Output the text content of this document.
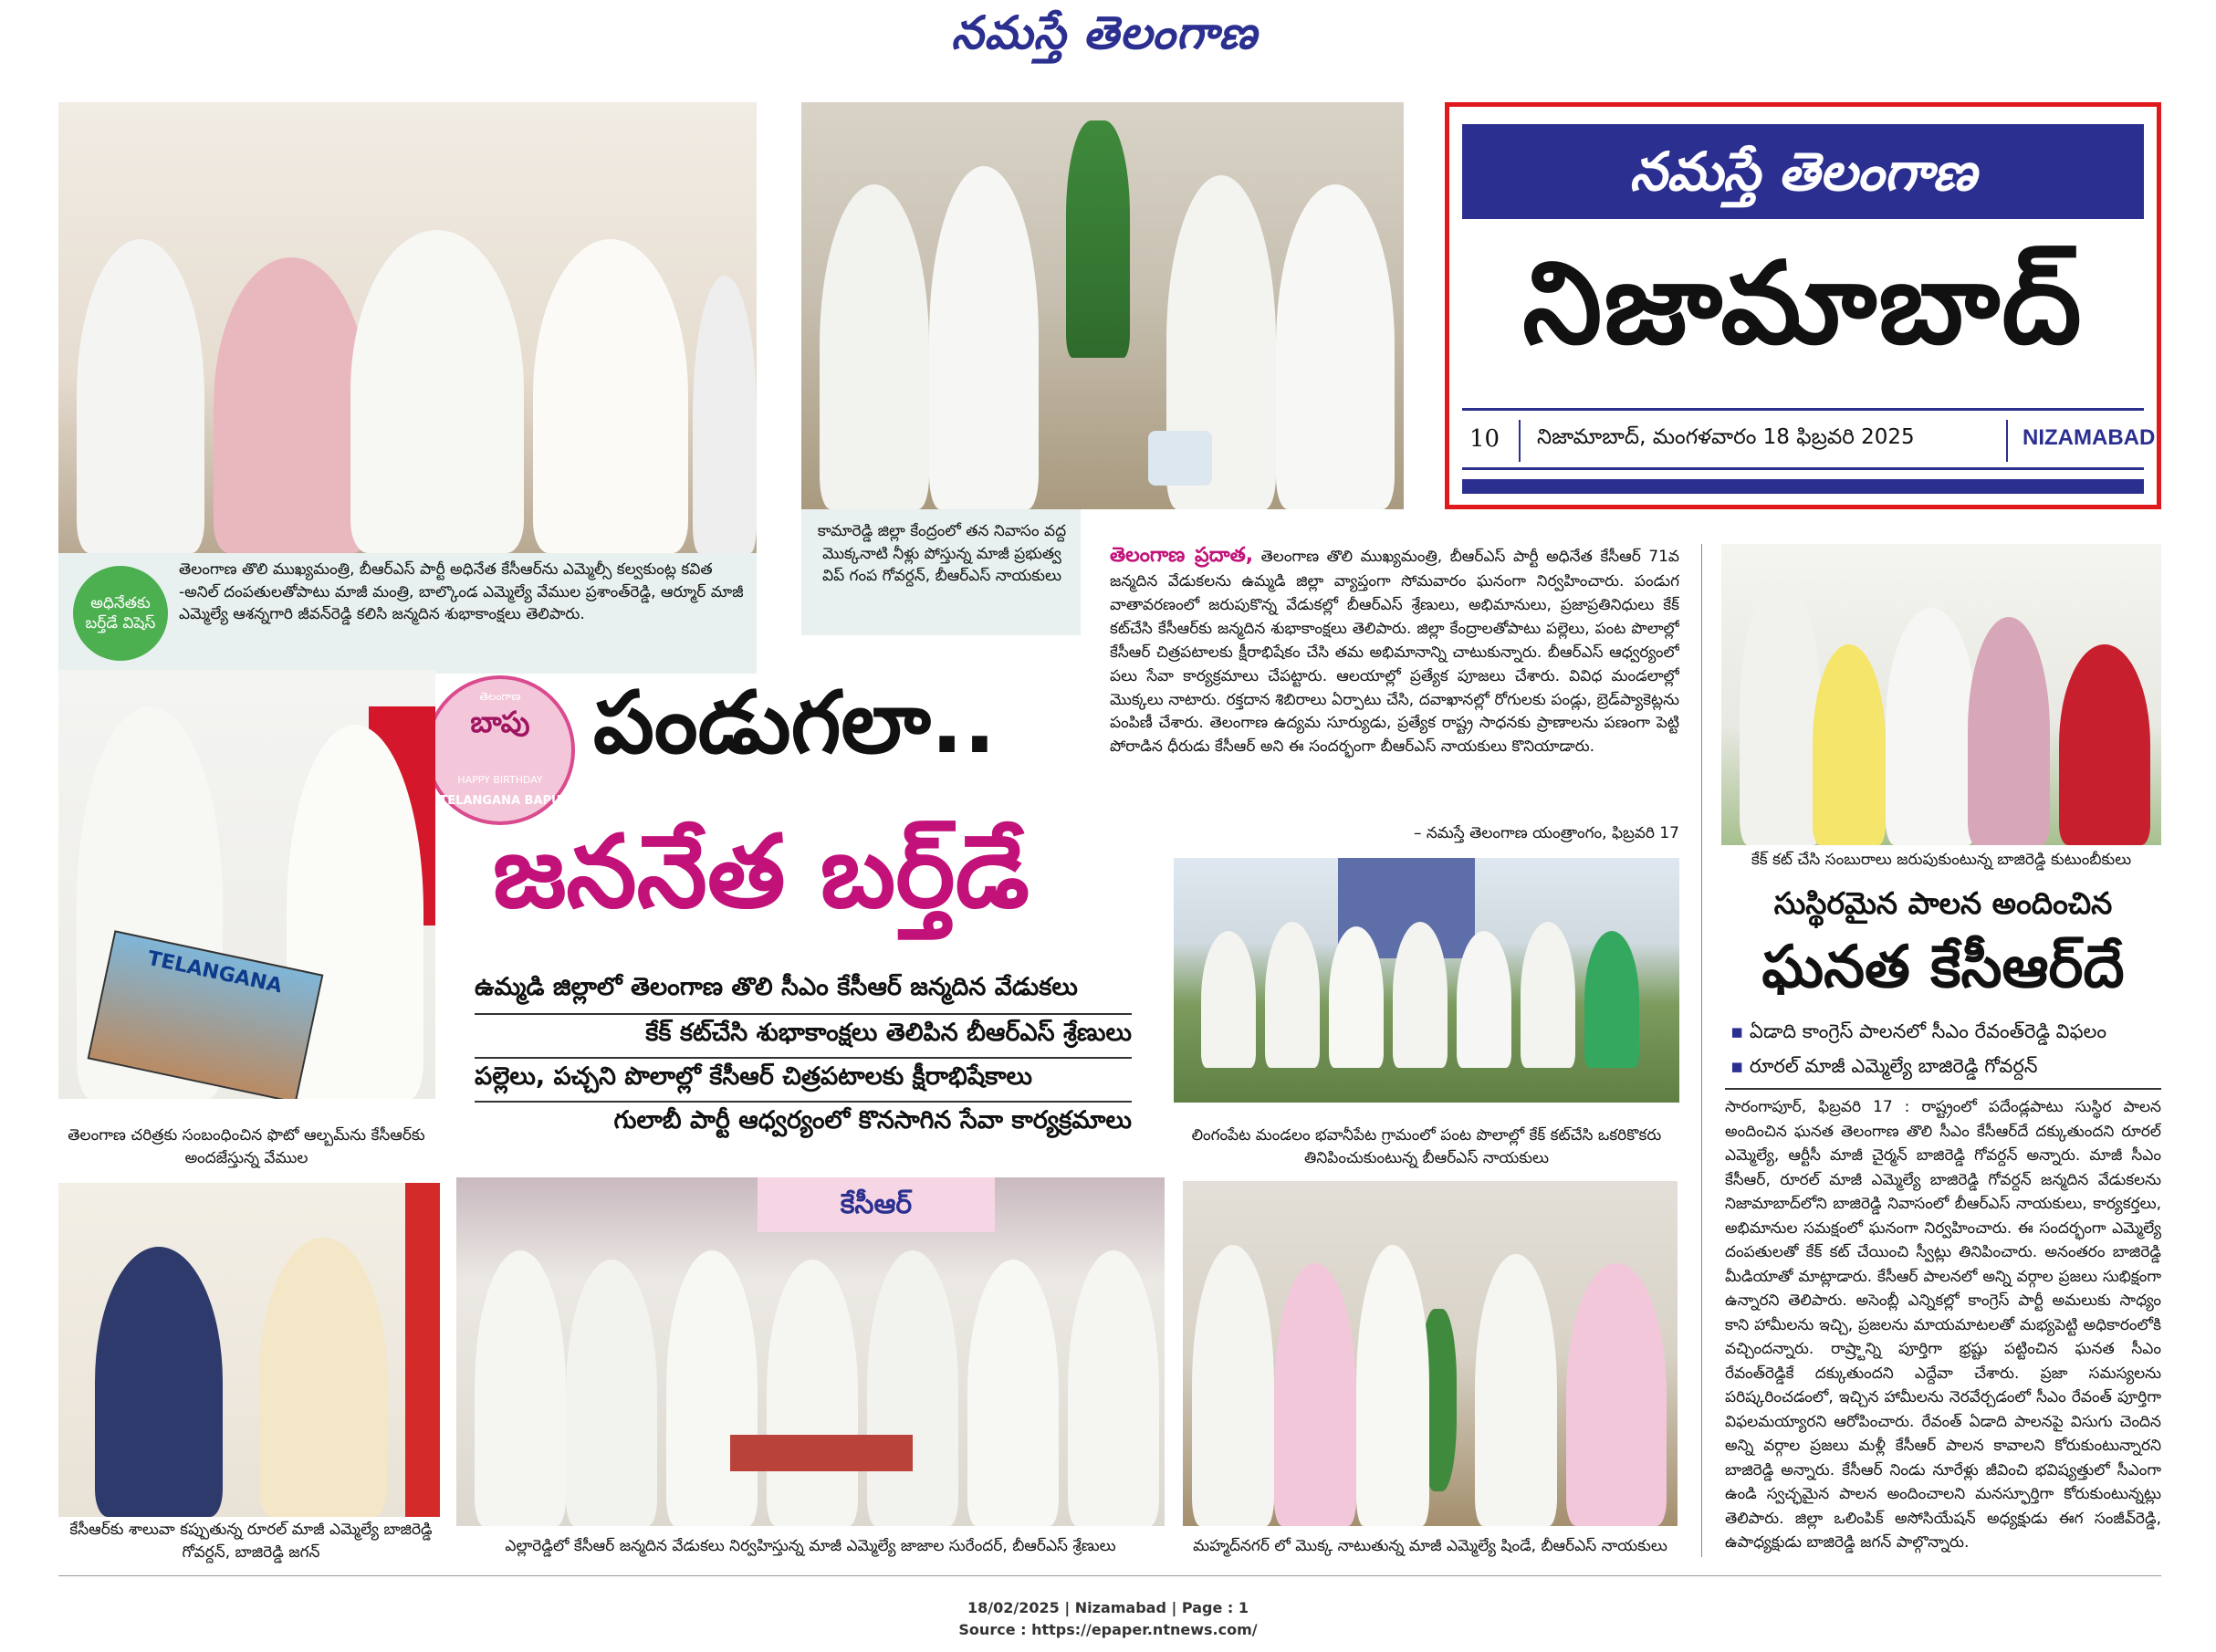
నమస్తే తెలంగాణ
నమస్తే తెలంగాణ
నిజామాబాద్
10 నిజామాబాద్, మంగళవారం 18 ఫిబ్రవరి 2025	NIZAMABAD
అధినేతకు బర్త్‌డే విషెస్
తెలంగాణ తొలి ముఖ్యమంత్రి, బీఆర్‌ఎస్ పార్టీ అధినేత కేసీఆర్‌ను ఎమ్మెల్సీ కల్వకుంట్ల కవిత -అనిల్ దంపతులతోపాటు మాజీ మంత్రి, బాల్కొండ ఎమ్మెల్యే వేముల ప్రశాంత్‌రెడ్డి, ఆర్మూర్ మాజీ ఎమ్మెల్యే ఆశన్నగారి జీవన్‌రెడ్డి కలిసి జన్మదిన శుభాకాంక్షలు తెలిపారు.
కామారెడ్డి జిల్లా కేంద్రంలో తన నివాసం వద్ద మొక్కనాటి నీళ్లు పోస్తున్న మాజీ ప్రభుత్వ విప్ గంప గోవర్దన్, బీఆర్‌ఎస్ నాయకులు
తెలంగాణ ప్రదాత, తెలంగాణ తొలి ముఖ్యమంత్రి, బీఆర్‌ఎస్ పార్టీ అధినేత కేసీఆర్ 71వ జన్మదిన వేడుకలను ఉమ్మడి జిల్లా వ్యాప్తంగా సోమవారం ఘనంగా నిర్వహించారు. పండుగ వాతావరణంలో జరుపుకొన్న వేడుకల్లో బీఆర్‌ఎస్ శ్రేణులు, అభిమానులు, ప్రజాప్రతినిధులు కేక్ కట్‌చేసి కేసీఆర్‌కు జన్మదిన శుభాకాంక్షలు తెలిపారు. జిల్లా కేంద్రాలతోపాటు పల్లెలు, పంట పొలాల్లో కేసీఆర్ చిత్రపటాలకు క్షీరాభిషేకం చేసి తమ అభిమానాన్ని చాటుకున్నారు. బీఆర్‌ఎస్ ఆధ్వర్యంలో పలు సేవా కార్యక్రమాలు చేపట్టారు. ఆలయాల్లో ప్రత్యేక పూజలు చేశారు. వివిధ మండలాల్లో మొక్కలు నాటారు. రక్తదాన శిబిరాలు ఏర్పాటు చేసి, దవాఖానల్లో రోగులకు పండ్లు, బ్రెడ్‌ప్యాకెట్లను పంపిణీ చేశారు. తెలంగాణ ఉద్యమ సూర్యుడు, ప్రత్యేక రాష్ట్ర సాధనకు ప్రాణాలను పణంగా పెట్టి పోరాడిన ధీరుడు కేసీఆర్ అని ఈ సందర్భంగా బీఆర్‌ఎస్ నాయకులు కొనియాడారు.
– నమస్తే తెలంగాణ యంత్రాంగం, ఫిబ్రవరి 17
కేక్ కట్ చేసి సంబురాలు జరుపుకుంటున్న బాజిరెడ్డి కుటుంబీకులు
తెలంగాణ
బాపు
HAPPY BIRTHDAY
TELANGANA BAPU
పండుగలా..
జననేత బర్త్‌డే
TELANGANA
తెలంగాణ చరిత్రకు సంబంధించిన ఫొటో ఆల్బమ్‌ను కేసీఆర్‌కు అందజేస్తున్న వేముల
ఉమ్మడి జిల్లాలో తెలంగాణ తొలి సీఎం కేసీఆర్ జన్మదిన వేడుకలు
కేక్ కట్‌చేసి శుభాకాంక్షలు తెలిపిన బీఆర్‌ఎస్ శ్రేణులు
పల్లెలు, పచ్చని పొలాల్లో కేసీఆర్ చిత్రపటాలకు క్షీరాభిషేకాలు
గులాబీ పార్టీ ఆధ్వర్యంలో కొనసాగిన సేవా కార్యక్రమాలు
లింగంపేట మండలం భవానీపేట గ్రామంలో పంట పొలాల్లో కేక్ కట్‌చేసి ఒకరికొకరు తినిపించుకుంటున్న బీఆర్‌ఎస్ నాయకులు
సుస్థిరమైన పాలన అందించిన
ఘనత కేసీఆర్‌దే
▪ ఏడాది కాంగ్రెస్ పాలనలో సీఎం రేవంత్‌రెడ్డి విఫలం
▪ రూరల్ మాజీ ఎమ్మెల్యే బాజిరెడ్డి గోవర్దన్
సారంగాపూర్, ఫిబ్రవరి 17 : రాష్ట్రంలో పదేండ్లపాటు సుస్థిర పాలన అందించిన ఘనత తెలంగాణ తొలి సీఎం కేసీఆర్‌దే దక్కుతుందని రూరల్ ఎమ్మెల్యే, ఆర్టీసీ మాజీ చైర్మన్ బాజిరెడ్డి గోవర్దన్ అన్నారు. మాజీ సీఎం కేసీఆర్, రూరల్ మాజీ ఎమ్మెల్యే బాజిరెడ్డి గోవర్దన్ జన్మదిన వేడుకలను నిజామాబాద్‌లోని బాజిరెడ్డి నివాసంలో బీఆర్‌ఎస్ నాయకులు, కార్యకర్తలు, అభిమానుల సమక్షంలో ఘనంగా నిర్వహించారు. ఈ సందర్భంగా ఎమ్మెల్యే దంపతులతో కేక్ కట్ చేయించి స్వీట్లు తినిపించారు. అనంతరం బాజిరెడ్డి మీడియాతో మాట్లాడారు. కేసీఆర్ పాలనలో అన్ని వర్గాల ప్రజలు సుభిక్షంగా ఉన్నారని తెలిపారు. అసెంబ్లీ ఎన్నికల్లో కాంగ్రెస్ పార్టీ అమలుకు సాధ్యం కాని హామీలను ఇచ్చి, ప్రజలను మాయమాటలతో మభ్యపెట్టి అధికారంలోకి వచ్చిందన్నారు. రాష్ర్టాన్ని పూర్తిగా భ్రష్టు పట్టించిన ఘనత సీఎం రేవంత్‌రెడ్డికే దక్కుతుందని ఎద్దేవా చేశారు. ప్రజా సమస్యలను పరిష్కరించడంలో, ఇచ్చిన హామీలను నెరవేర్చడంలో సీఎం రేవంత్ పూర్తిగా విఫలమయ్యారని ఆరోపించారు. రేవంత్ ఏడాది పాలనపై విసుగు చెందిన అన్ని వర్గాల ప్రజలు మళ్లీ కేసీఆర్ పాలన కావాలని కోరుకుంటున్నారని బాజిరెడ్డి అన్నారు. కేసీఆర్ నిండు నూరేళ్లు జీవించి భవిష్యత్తులో సీఎంగా ఉండి స్వచ్ఛమైన పాలన అందించాలని మనస్ఫూర్తిగా కోరుకుంటున్నట్లు తెలిపారు. జిల్లా ఒలింపిక్ అసోసియేషన్ అధ్యక్షుడు ఈగ సంజీవ్‌రెడ్డి, ఉపాధ్యక్షుడు బాజిరెడ్డి జగన్ పాల్గొన్నారు.
కేసీఆర్‌కు శాలువా కప్పుతున్న రూరల్ మాజీ ఎమ్మెల్యే బాజిరెడ్డి గోవర్దన్, బాజిరెడ్డి జగన్
కేసీఆర్
ఎల్లారెడ్డిలో కేసీఆర్ జన్మదిన వేడుకలు నిర్వహిస్తున్న మాజీ ఎమ్మెల్యే జాజాల సురేందర్, బీఆర్‌ఎస్ శ్రేణులు	మహ్మద్‌నగర్ లో మొక్క నాటుతున్న మాజీ ఎమ్మెల్యే షిండే, బీఆర్‌ఎస్ నాయకులు
18/02/2025 | Nizamabad | Page : 1
Source : https://epaper.ntnews.com/
